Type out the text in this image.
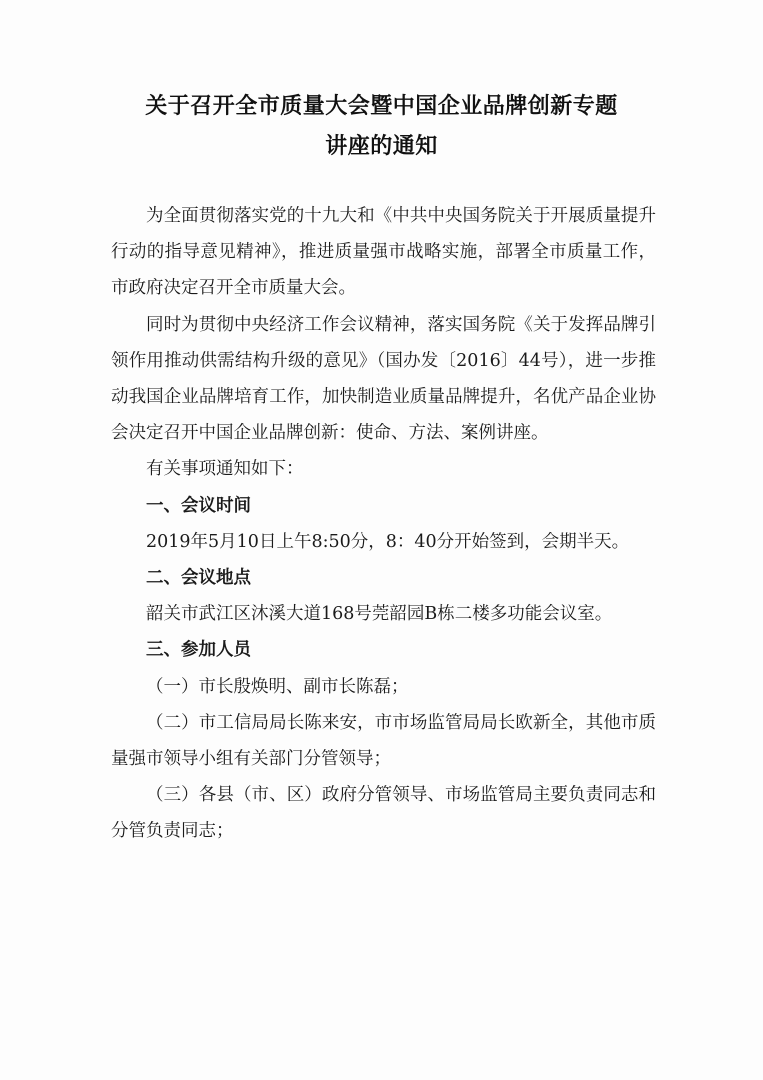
关于召开全市质量大会暨中国企业品牌创新专题
讲座的通知

为全面贯彻落实党的十九大和《中共中央国务院关于开展质量提升行动的指导意见精神》，推进质量强市战略实施，部署全市质量工作，市政府决定召开全市质量大会。

同时为贯彻中央经济工作会议精神，落实国务院《关于发挥品牌引领作用推动供需结构升级的意见》（国办发〔2016〕44号），进一步推动我国企业品牌培育工作，加快制造业质量品牌提升，名优产品企业协会决定召开中国企业品牌创新：使命、方法、案例讲座。

有关事项通知如下：

一、会议时间

2019年5月10日上午8:50分，8：40分开始签到，会期半天。

二、会议地点

韶关市武江区沐溪大道168号莞韶园B栋二楼多功能会议室。

三、参加人员

（一）市长殷焕明、副市长陈磊；

（二）市工信局局长陈来安，市市场监管局局长欧新全，其他市质量强市领导小组有关部门分管领导；

（三）各县（市、区）政府分管领导、市场监管局主要负责同志和分管负责同志；
